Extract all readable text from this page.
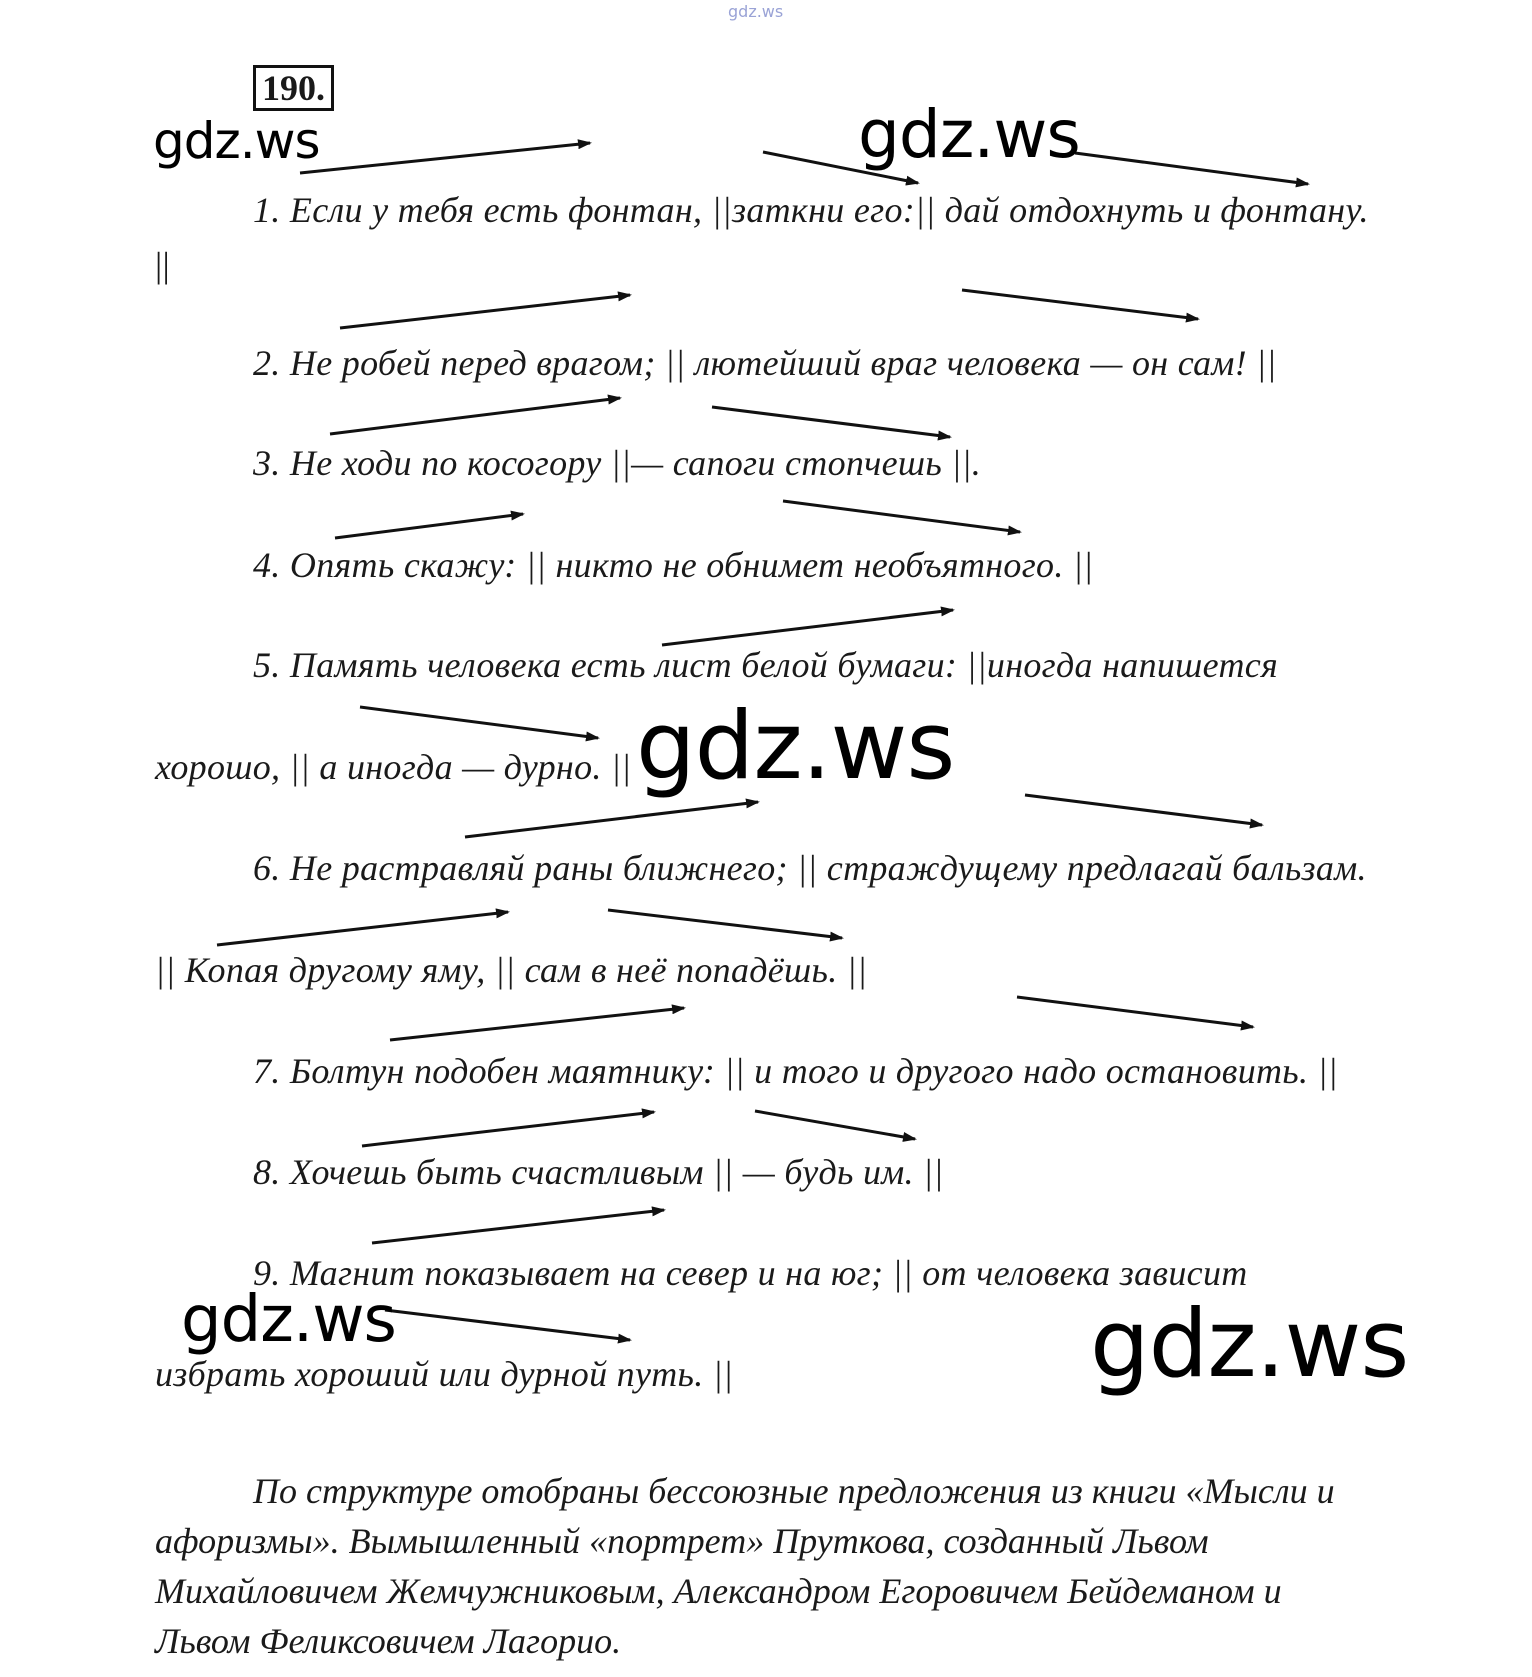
gdz.ws
190.
1. Если у тебя есть фонтан, ||заткни его:|| дай отдохнуть и фонтану.
||
2. Не робей перед врагом; || лютейший враг человека — он сам! ||
3. Не ходи по косогору ||— сапоги стопчешь ||.
4. Опять скажу: || никто не обнимет необъятного. ||
5. Память человека есть лист белой бумаги: ||иногда напишется
хорошо, || а иногда — дурно. ||
6. Не растравляй раны ближнего; || страждущему предлагай бальзам.
|| Копая другому яму, || сам в неё попадёшь. ||
7. Болтун подобен маятнику: || и того и другого надо остановить. ||
8. Хочешь быть счастливым || — будь им. ||
9. Магнит показывает на север и на юг; || от человека зависит
избрать хороший или дурной путь. ||
По структуре отобраны бессоюзные предложения из книги «Мысли и
афоризмы». Вымышленный «портрет» Пруткова, созданный Львом
Михайловичем Жемчужниковым, Александром Егоровичем Бейдеманом и
Львом Феликсовичем Лагорио.
gdz.ws	gdz.ws
gdz.ws
gdz.ws	gdz.ws
